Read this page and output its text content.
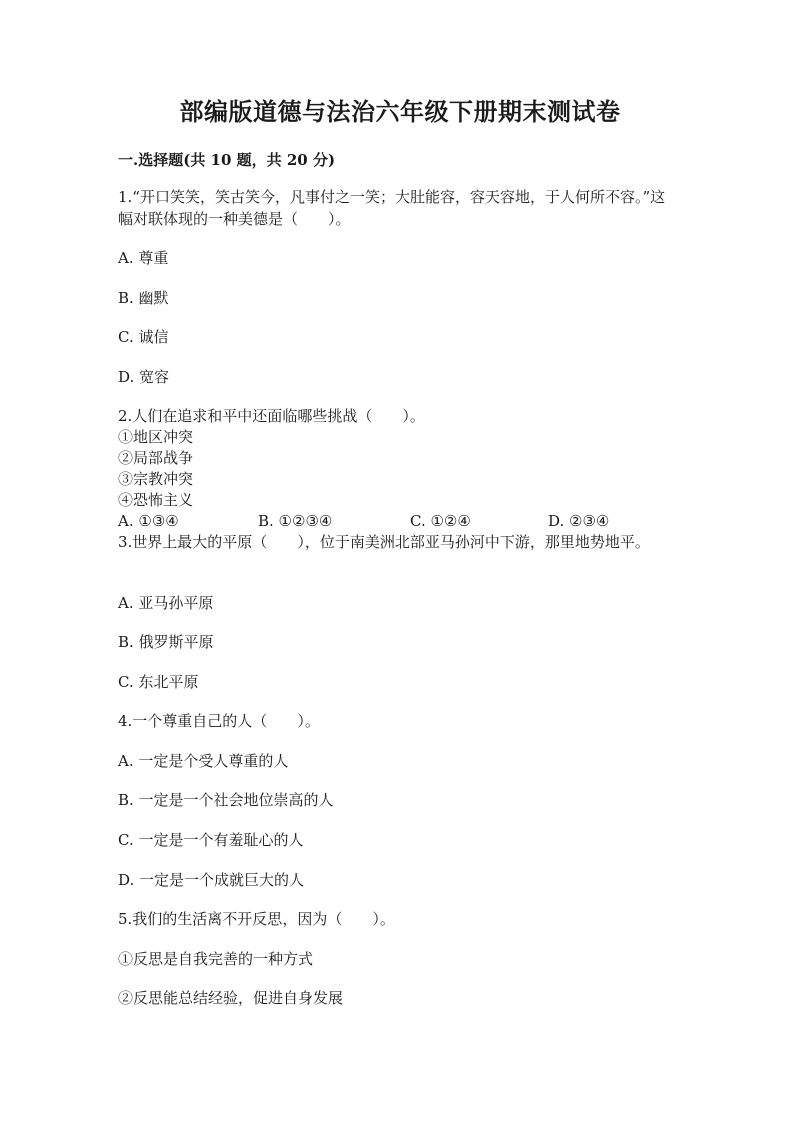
部编版道德与法治六年级下册期末测试卷
一.选择题(共 10 题，共 20 分)
1.“开口笑笑，笑古笑今，凡事付之一笑；大肚能容，容天容地，于人何所不容。”这幅对联体现的一种美德是（　　）。
A. 尊重
B. 幽默
C. 诚信
D. 宽容
2.人们在追求和平中还面临哪些挑战（　　）。
①地区冲突
②局部战争
③宗教冲突
④恐怖主义
A. ①③④	B. ①②③④	C. ①②④	D. ②③④
3.世界上最大的平原（　　），位于南美洲北部亚马孙河中下游，那里地势地平。
A. 亚马孙平原
B. 俄罗斯平原
C. 东北平原
4.一个尊重自己的人（　　）。
A. 一定是个受人尊重的人
B. 一定是一个社会地位崇高的人
C. 一定是一个有羞耻心的人
D. 一定是一个成就巨大的人
5.我们的生活离不开反思，因为（　　）。
①反思是自我完善的一种方式
②反思能总结经验，促进自身发展
